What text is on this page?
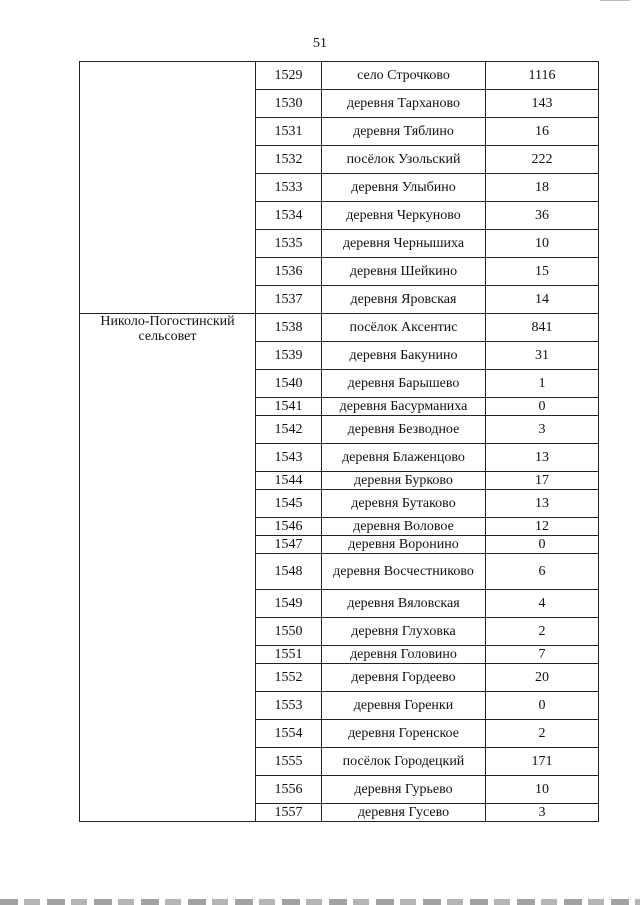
51
	1529	село Строчково	1116
	1530	деревня Тарханово	143
	1531	деревня Тяблино	16
	1532	посёлок Узольский	222
	1533	деревня Улыбино	18
	1534	деревня Черкуново	36
	1535	деревня Чернышиха	10
	1536	деревня Шейкино	15
	1537	деревня Яровская	14
Николо-Погостинский сельсовет	1538	посёлок Аксентис	841
	1539	деревня Бакунино	31
	1540	деревня Барышево	1
	1541	деревня Басурманиха	0
	1542	деревня Безводное	3
	1543	деревня Блаженцово	13
	1544	деревня Бурково	17
	1545	деревня Бутаково	13
	1546	деревня Воловое	12
	1547	деревня Воронино	0
	1548	деревня Восчестниково	6
	1549	деревня Вяловская	4
	1550	деревня Глуховка	2
	1551	деревня Головино	7
	1552	деревня Гордеево	20
	1553	деревня Горенки	0
	1554	деревня Горенское	2
	1555	посёлок Городецкий	171
	1556	деревня Гурьево	10
	1557	деревня Гусево	3
